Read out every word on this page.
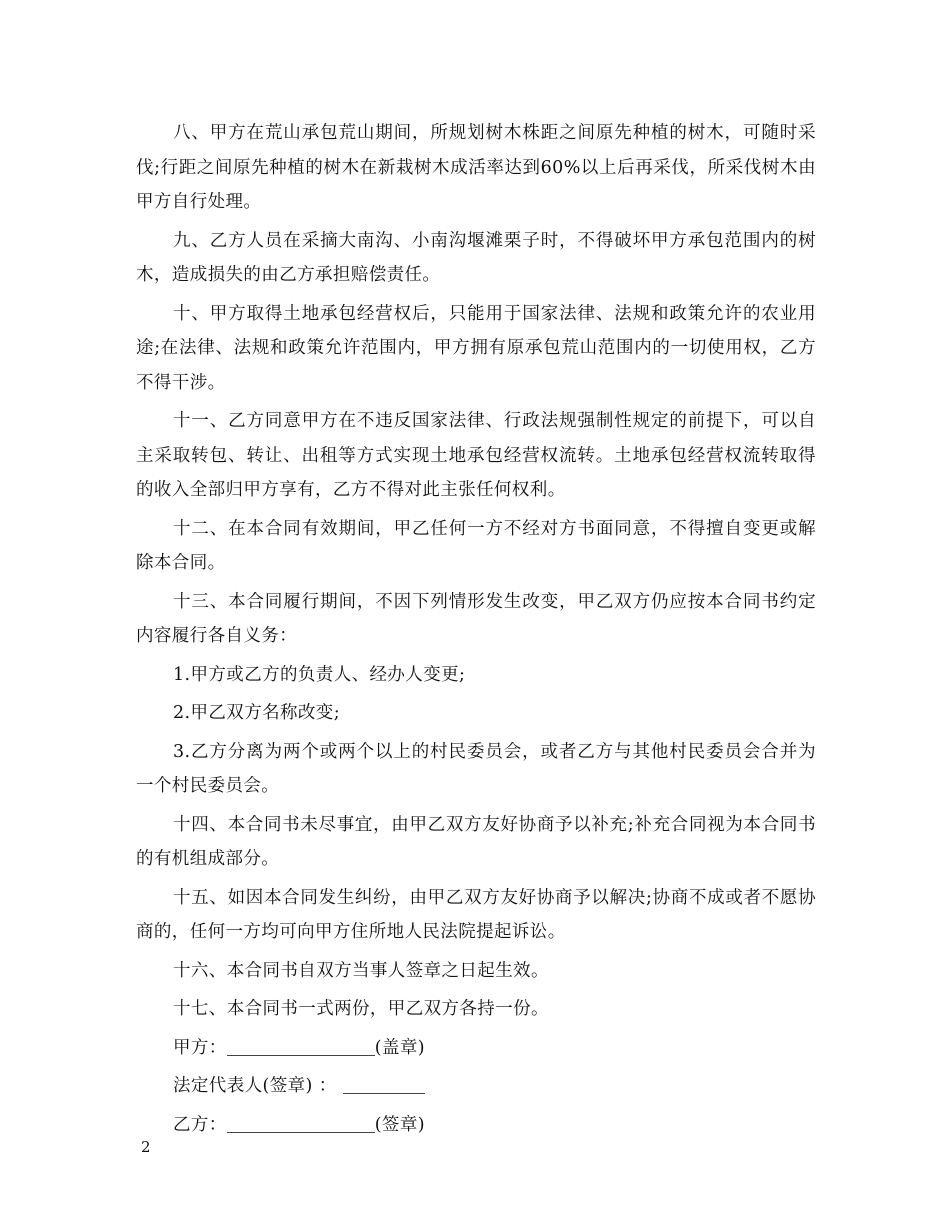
八、甲方在荒山承包荒山期间，所规划树木株距之间原先种植的树木，可随时采伐;行距之间原先种植的树木在新栽树木成活率达到60%以上后再采伐，所采伐树木由甲方自行处理。

九、乙方人员在采摘大南沟、小南沟堰滩栗子时，不得破坏甲方承包范围内的树木，造成损失的由乙方承担赔偿责任。

十、甲方取得土地承包经营权后，只能用于国家法律、法规和政策允许的农业用途;在法律、法规和政策允许范围内，甲方拥有原承包荒山范围内的一切使用权，乙方不得干涉。

十一、乙方同意甲方在不违反国家法律、行政法规强制性规定的前提下，可以自主采取转包、转让、出租等方式实现土地承包经营权流转。土地承包经营权流转取得的收入全部归甲方享有，乙方不得对此主张任何权利。

十二、在本合同有效期间，甲乙任何一方不经对方书面同意，不得擅自变更或解除本合同。

十三、本合同履行期间，不因下列情形发生改变，甲乙双方仍应按本合同书约定内容履行各自义务：

1.甲方或乙方的负责人、经办人变更;

2.甲乙双方名称改变;

3.乙方分离为两个或两个以上的村民委员会，或者乙方与其他村民委员会合并为一个村民委员会。

十四、本合同书未尽事宜，由甲乙双方友好协商予以补充;补充合同视为本合同书的有机组成部分。

十五、如因本合同发生纠纷，由甲乙双方友好协商予以解决;协商不成或者不愿协商的，任何一方均可向甲方住所地人民法院提起诉讼。

十六、本合同书自双方当事人签章之日起生效。

十七、本合同书一式两份，甲乙双方各持一份。

甲方：	(盖章)
法定代表人(签章) ：
乙方：	(签章)
2
